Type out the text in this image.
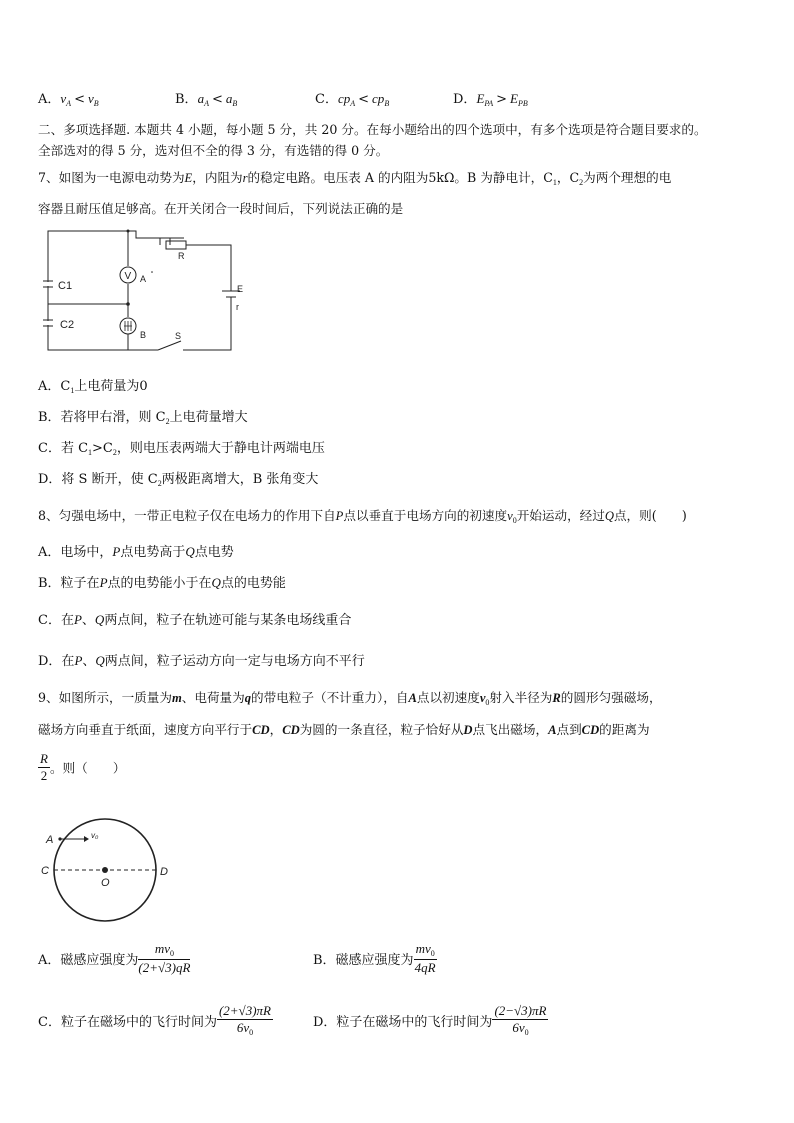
A．$v_A < v_B$	B．$a_A < a_B$	C．$cp_A < cp_B$	D．$E_{PA} > E_{PB}$
二、多项选择题. 本题共 4 小题，每小题 5 分，共 20 分。在每小题给出的四个选项中，有多个选项是符合题目要求的。
全部选对的得 5 分，选对但不全的得 3 分，有选错的得 0 分。
7、如图为一电源电动势为E，内阻为r的稳定电路。电压表 A 的内阻为5kΩ。B 为静电计，$C_1$，$C_2$为两个理想的电
容器且耐压值足够高。在开关闭合一段时间后，下列说法正确的是
V
C1
C2
A
B
R
E
r
S
A．$C_1$上电荷量为0
B．若将甲右滑，则 $C_2$上电荷量增大
C．若 $C_1>C_2$，则电压表两端大于静电计两端电压
D．将 S 断开，使 $C_2$两极距离增大，B 张角变大
8、匀强电场中，一带正电粒子仅在电场力的作用下自P点以垂直于电场方向的初速度$v_0$开始运动，经过Q点，则(　　)
A．电场中，P点电势高于Q点电势
B．粒子在P点的电势能小于在Q点的电势能
C．在P、Q两点间，粒子在轨迹可能与某条电场线重合
D．在P、Q两点间，粒子运动方向一定与电场方向不平行
9、如图所示，一质量为m、电荷量为q的带电粒子（不计重力），自A点以初速度$v_0$射入半径为R的圆形匀强磁场，
磁场方向垂直于纸面，速度方向平行于CD，CD为圆的一条直径，粒子恰好从D点飞出磁场，A点到CD的距离为
$\frac{R}{2}$ 。则（　　）
A	v₀
C	D
O
A．磁感应强度为 $\frac{mv_0}{(2+√3)qR}$	B．磁感应强度为 $\frac{mv_0}{4qR}$
C．粒子在磁场中的飞行时间为 $\frac{(2+√3)\pi R}{6v_0}$	D．粒子在磁场中的飞行时间为 $\frac{(2-√3)\pi R}{6v_0}$
